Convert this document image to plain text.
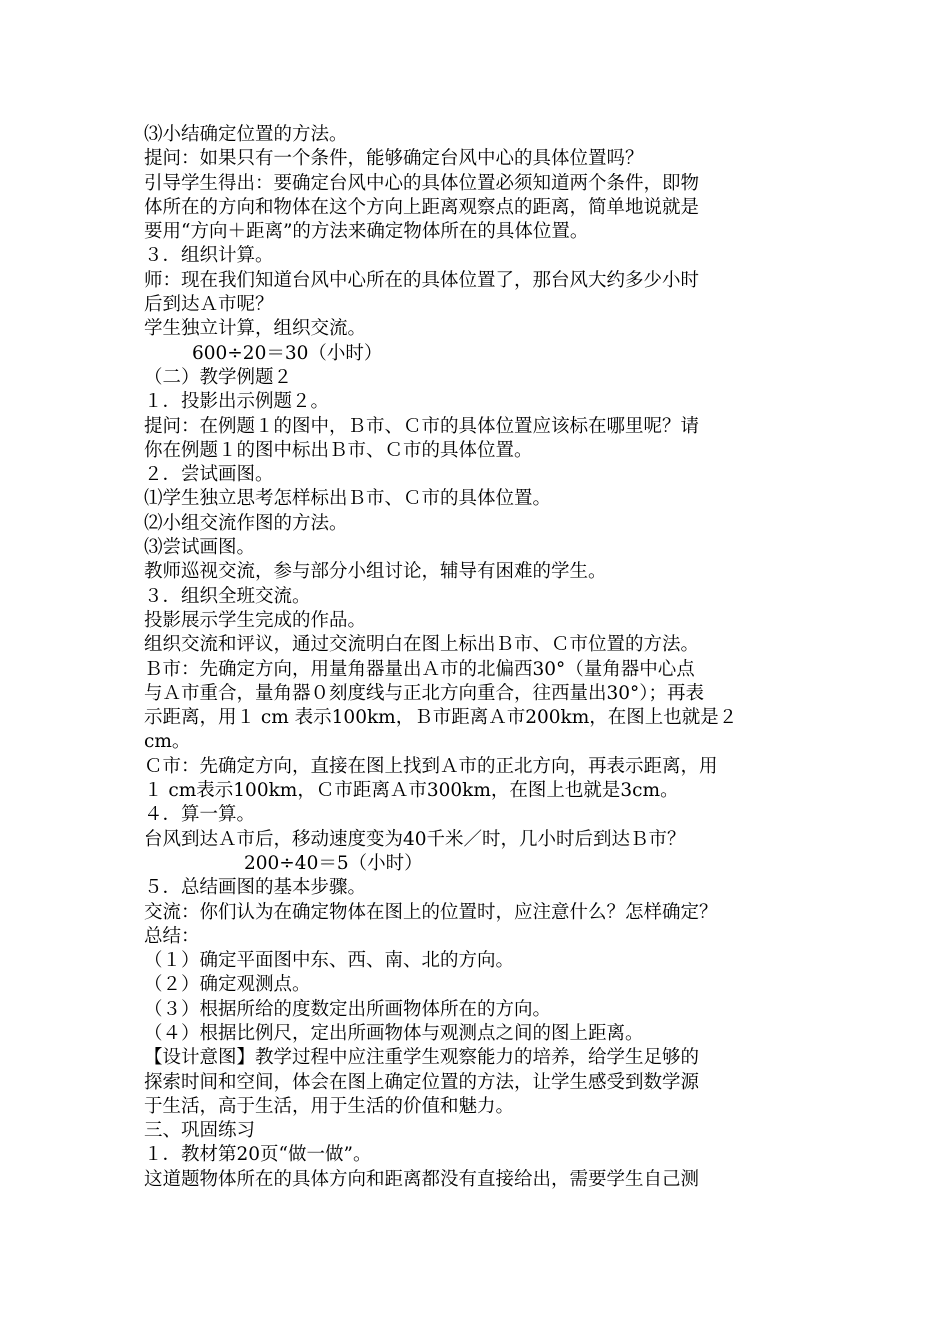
⑶小结确定位置的方法。
提问：如果只有一个条件，能够确定台风中心的具体位置吗？
引导学生得出：要确定台风中心的具体位置必须知道两个条件，即物
体所在的方向和物体在这个方向上距离观察点的距离，简单地说就是
要用“方向＋距离”的方法来确定物体所在的具体位置。
３．组织计算。
师：现在我们知道台风中心所在的具体位置了，那台风大约多少小时
后到达Ａ市呢？
学生独立计算，组织交流。
600÷20＝30（小时）
（二）教学例题２
１．投影出示例题２。
提问：在例题１的图中，Ｂ市、Ｃ市的具体位置应该标在哪里呢？请
你在例题１的图中标出Ｂ市、Ｃ市的具体位置。
２．尝试画图。
⑴学生独立思考怎样标出Ｂ市、Ｃ市的具体位置。
⑵小组交流作图的方法。
⑶尝试画图。
教师巡视交流，参与部分小组讨论，辅导有困难的学生。
３．组织全班交流。
投影展示学生完成的作品。
组织交流和评议，通过交流明白在图上标出Ｂ市、Ｃ市位置的方法。
Ｂ市：先确定方向，用量角器量出Ａ市的北偏西30°（量角器中心点
与Ａ市重合，量角器０刻度线与正北方向重合，往西量出30°）；再表
示距离，用１ cm 表示100km，Ｂ市距离Ａ市200km，在图上也就是２
cm。
Ｃ市：先确定方向，直接在图上找到Ａ市的正北方向，再表示距离，用
１ cm表示100km，Ｃ市距离Ａ市300km，在图上也就是3cm。
４．算一算。
台风到达Ａ市后，移动速度变为40千米／时，几小时后到达Ｂ市？
200÷40＝5（小时）
５．总结画图的基本步骤。
交流：你们认为在确定物体在图上的位置时，应注意什么？怎样确定？
总结：
（１）确定平面图中东、西、南、北的方向。
（２）确定观测点。
（３）根据所给的度数定出所画物体所在的方向。
（４）根据比例尺，定出所画物体与观测点之间的图上距离。
【设计意图】教学过程中应注重学生观察能力的培养，给学生足够的
探索时间和空间，体会在图上确定位置的方法，让学生感受到数学源
于生活，高于生活，用于生活的价值和魅力。
三、巩固练习
１．教材第20页“做一做”。
这道题物体所在的具体方向和距离都没有直接给出，需要学生自己测
